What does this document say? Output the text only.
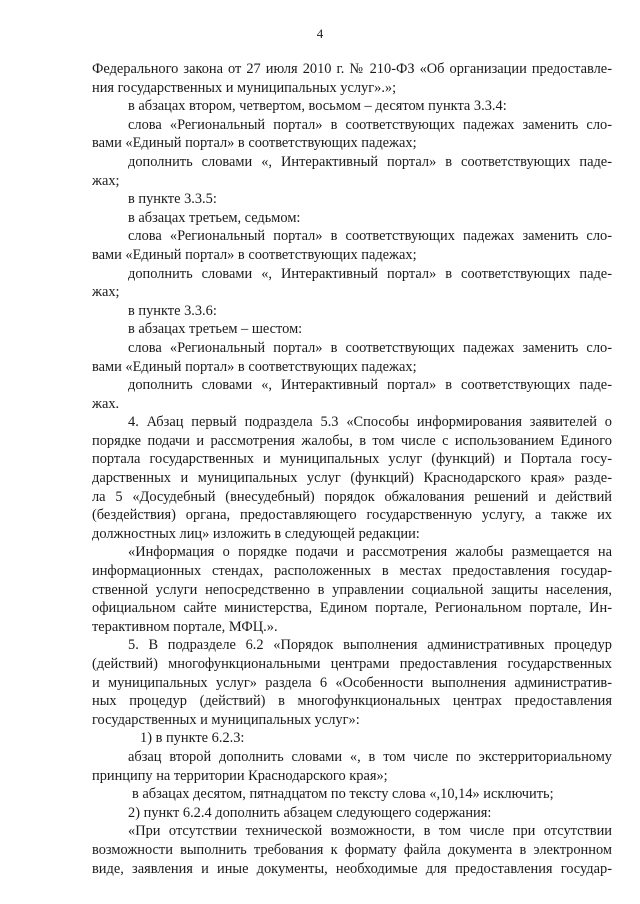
4
Федерального закона от 27 июля 2010 г. № 210-ФЗ «Об организации предоставле-
ния государственных и муниципальных услуг».»;
в абзацах втором, четвертом, восьмом – десятом пункта 3.3.4:
слова «Региональный портал» в соответствующих падежах заменить сло-
вами «Единый портал» в соответствующих падежах;
дополнить словами «, Интерактивный портал» в соответствующих паде-
жах;
в пункте 3.3.5:
в абзацах третьем, седьмом:
слова «Региональный портал» в соответствующих падежах заменить сло-
вами «Единый портал» в соответствующих падежах;
дополнить словами «, Интерактивный портал» в соответствующих паде-
жах;
в пункте 3.3.6:
в абзацах третьем – шестом:
слова «Региональный портал» в соответствующих падежах заменить сло-
вами «Единый портал» в соответствующих падежах;
дополнить словами «, Интерактивный портал» в соответствующих паде-
жах.
4. Абзац первый подраздела 5.3 «Способы информирования заявителей о
порядке подачи и рассмотрения жалобы, в том числе с использованием Единого
портала государственных и муниципальных услуг (функций) и Портала госу-
дарственных и муниципальных услуг (функций) Краснодарского края» разде-
ла 5 «Досудебный (внесудебный) порядок обжалования решений и действий
(бездействия) органа, предоставляющего государственную услугу, а также их
должностных лиц» изложить в следующей редакции:
«Информация о порядке подачи и рассмотрения жалобы размещается на
информационных стендах, расположенных в местах предоставления государ-
ственной услуги непосредственно в управлении социальной защиты населения,
официальном сайте министерства, Едином портале, Региональном портале, Ин-
терактивном портале, МФЦ.».
5. В подразделе 6.2 «Порядок выполнения административных процедур
(действий) многофункциональными центрами предоставления государственных
и муниципальных услуг» раздела 6 «Особенности выполнения административ-
ных процедур (действий) в многофункциональных центрах предоставления
государственных и муниципальных услуг»:
1) в пункте 6.2.3:
абзац второй дополнить словами «, в том числе по экстерриториальному
принципу на территории Краснодарского края»;
в абзацах десятом, пятнадцатом по тексту слова «,10,14» исключить;
2) пункт 6.2.4 дополнить абзацем следующего содержания:
«При отсутствии технической возможности, в том числе при отсутствии
возможности выполнить требования к формату файла документа в электронном
виде, заявления и иные документы, необходимые для предоставления государ-
